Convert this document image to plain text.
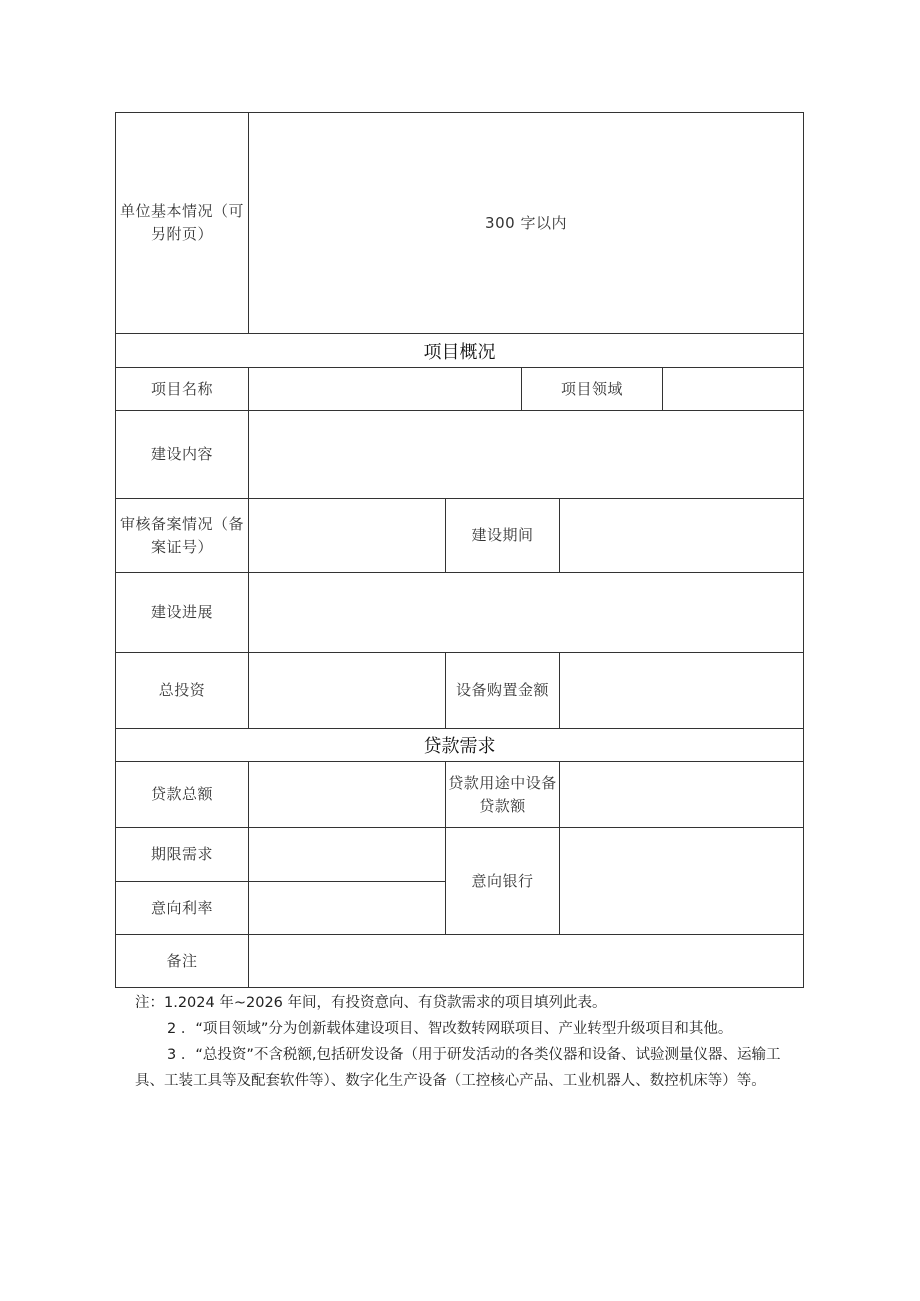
单位基本情况（可另附页）
300 字以内
项目概况
项目名称	项目领域
建设内容
审核备案情况（备案证号）
建设期间
建设进展
总投资	设备购置金额
贷款需求
贷款总额
贷款用途中设备贷款额
期限需求
意向银行
意向利率
备注
注：1.2024 年~2026 年间，有投资意向、有贷款需求的项目填列此表。
2 ．“项目领域”分为创新载体建设项目、智改数转网联项目、产业转型升级项目和其他。
3 ．“总投资”不含税额,包括研发设备（用于研发活动的各类仪器和设备、试验测量仪器、运输工具、工装工具等及配套软件等）、数字化生产设备（工控核心产品、工业机器人、数控机床等）等。
